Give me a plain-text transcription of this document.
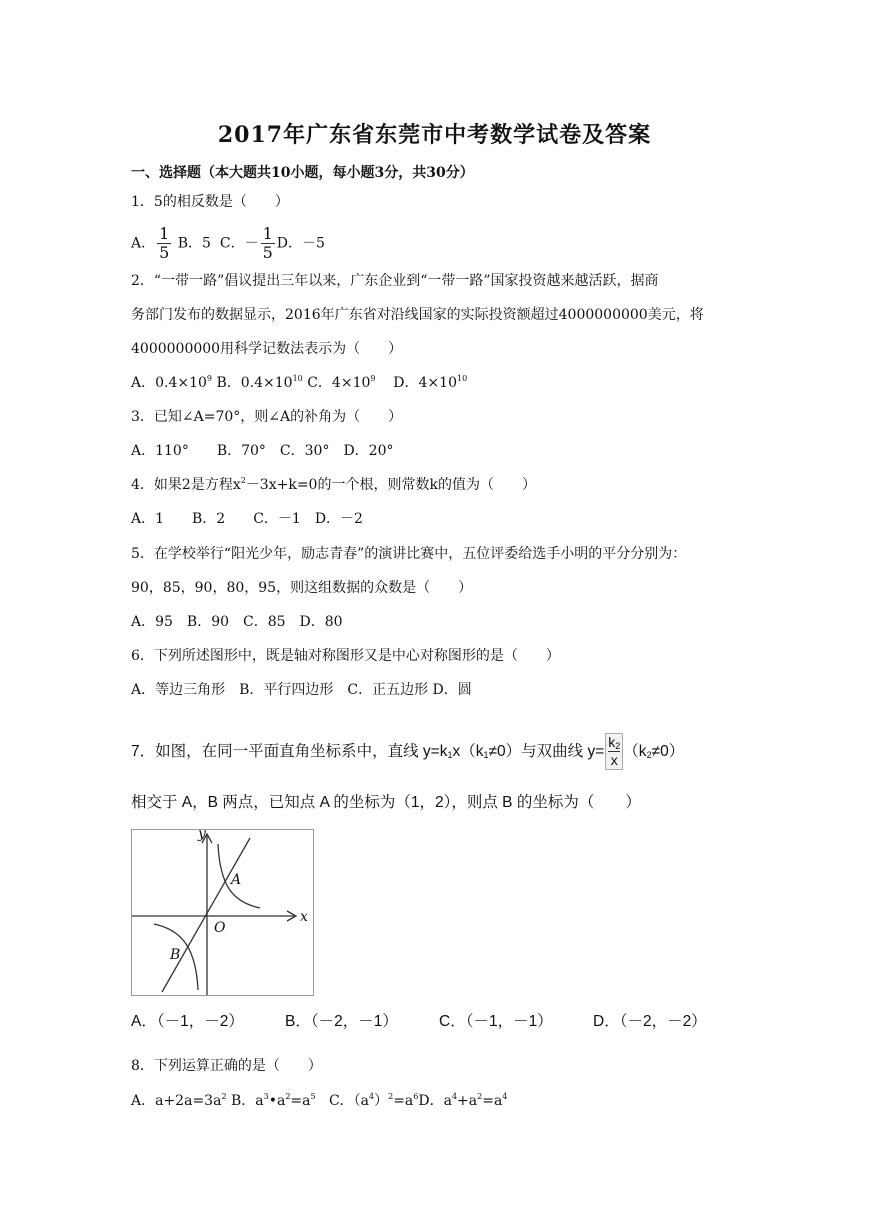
2017年广东省东莞市中考数学试卷及答案
一、选择题（本大题共10小题，每小题3分，共30分）
1．5的相反数是（　　）
A． $\frac{1}{5}$ B．5 C．－ $\frac{1}{5}$ D．－5
2．“一带一路”倡议提出三年以来，广东企业到“一带一路”国家投资越来越活跃，据商
务部门发布的数据显示，2016年广东省对沿线国家的实际投资额超过4000000000美元，将
4000000000用科学记数法表示为（　　）
A．$0.4\times 10^9$ B．$0.4\times 10^{10}$ C．$4\times 10^9$ D．$4\times 10^{10}$
3．已知∠A=70°，则∠A的补角为（　　）
A．110°　　B．70°　C．30°　D．20°
4．如果2是方程$x^2-3x+k=0$的一个根，则常数k的值为（　　）
A．1　　B．2　　C．－1　D．－2
5．在学校举行“阳光少年，励志青春”的演讲比赛中，五位评委给选手小明的平分分别为：
90，85，90，80，95，则这组数据的众数是（　　）
A．95　B．90　C．85　D．80
6．下列所述图形中，既是轴对称图形又是中心对称图形的是（　　）
A．等边三角形　B．平行四边形　C．正五边形 D．圆
7．如图，在同一平面直角坐标系中，直线 $y=k_1x(k_1\ne 0)$与双曲线 $y= \frac{k_2}{x} (k_2\ne 0)$
相交于 A，B 两点，已知点 A 的坐标为（1，2），则点 B 的坐标为（　　）
y
x
O
A
B
A．（－1，－2）	B．（－2，－1）	C．（－1，－1）	D．（－2，－2）
8．下列运算正确的是（　　）
A．$a+2a=3a^2$ B．$a^3•a^2=a^5$ C．$(a^4)^2=a^6D$．$a^4+a^2=a^4$
